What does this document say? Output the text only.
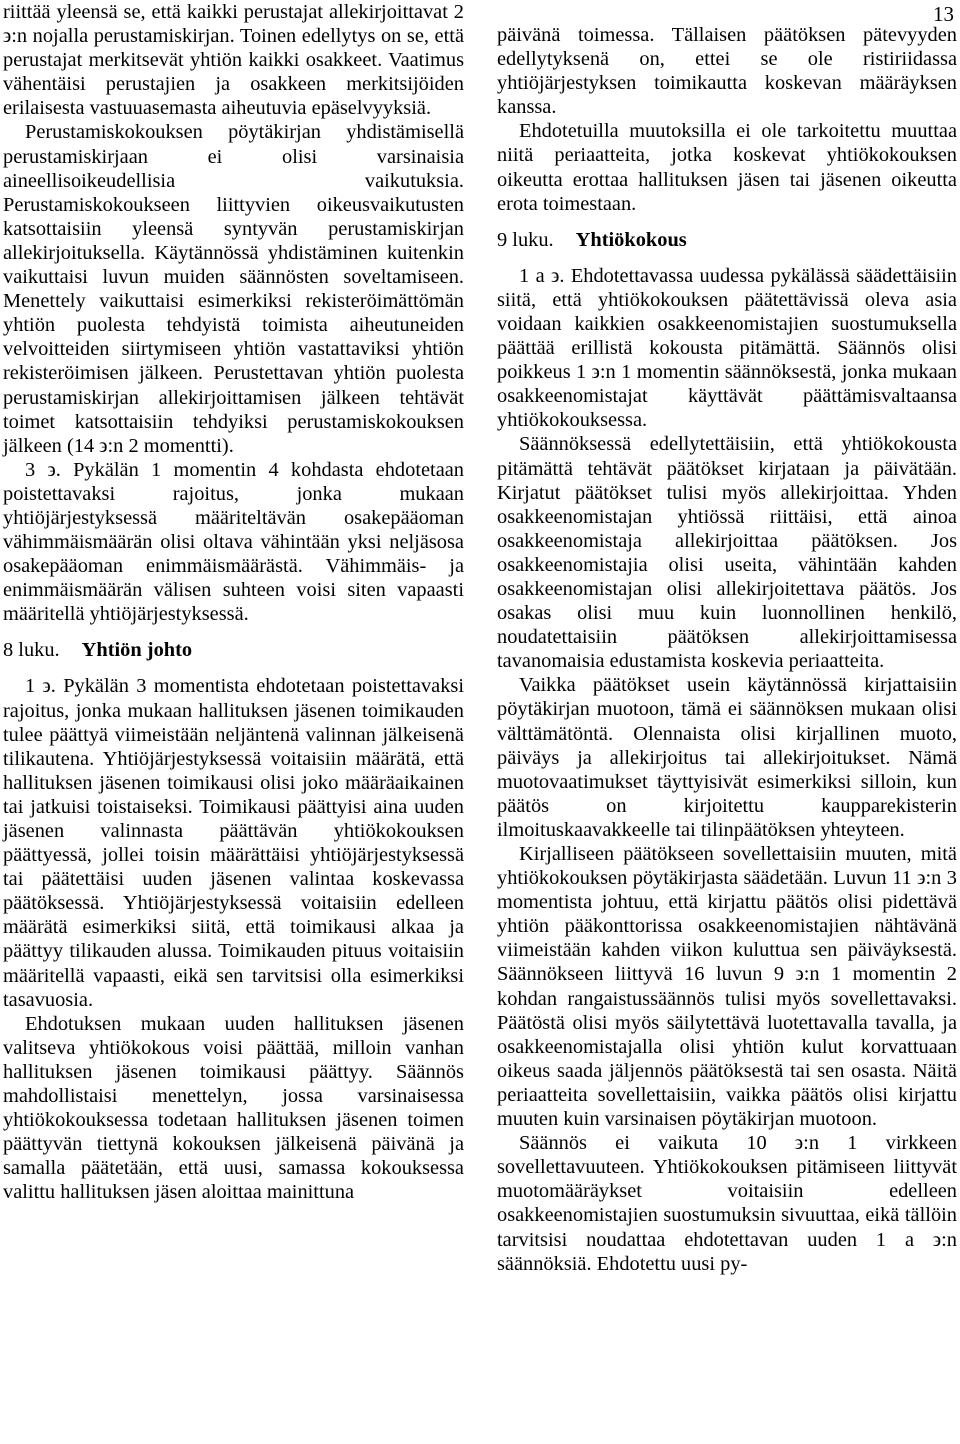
13

riittää yleensä se, että kaikki perustajat allekirjoittavat 2 ϶:n nojalla perustamiskirjan. Toinen edellytys on se, että perustajat merkitsevät yhtiön kaikki osakkeet. Vaatimus vähentäisi perustajien ja osakkeen merkitsijöiden erilaisesta vastuuasemasta aiheutuvia epäselvyyksiä.

Perustamiskokouksen pöytäkirjan yhdistämisellä perustamiskirjaan ei olisi varsinaisia aineellisoikeudellisia vaikutuksia. Perustamiskokoukseen liittyvien oikeusvaikutusten katsottaisiin yleensä syntyvän perustamiskirjan allekirjoituksella. Käytännössä yhdistäminen kuitenkin vaikuttaisi luvun muiden säännösten soveltamiseen. Menettely vaikuttaisi esimerkiksi rekisteröimättömän yhtiön puolesta tehdyistä toimista aiheutuneiden velvoitteiden siirtymiseen yhtiön vastattaviksi yhtiön rekisteröimisen jälkeen. Perustettavan yhtiön puolesta perustamiskirjan allekirjoittamisen jälkeen tehtävät toimet katsottaisiin tehdyiksi perustamiskokouksen jälkeen (14 ϶:n 2 momentti).

3 ϶. Pykälän 1 momentin 4 kohdasta ehdotetaan poistettavaksi rajoitus, jonka mukaan yhtiöjärjestyksessä määriteltävän osakepääoman vähimmäismäärän olisi oltava vähintään yksi neljäsosa osakepääoman enimmäismäärästä. Vähimmäis- ja enimmäismäärän välisen suhteen voisi siten vapaasti määritellä yhtiöjärjestyksessä.

8 luku. Yhtiön johto

1 ϶. Pykälän 3 momentista ehdotetaan poistettavaksi rajoitus, jonka mukaan hallituksen jäsenen toimikauden tulee päättyä viimeistään neljäntenä valinnan jälkeisenä tilikautena. Yhtiöjärjestyksessä voitaisiin määrätä, että hallituksen jäsenen toimikausi olisi joko määräaikainen tai jatkuisi toistaiseksi. Toimikausi päättyisi aina uuden jäsenen valinnasta päättävän yhtiökokouksen päättyessä, jollei toisin määrättäisi yhtiöjärjestyksessä tai päätettäisi uuden jäsenen valintaa koskevassa päätöksessä. Yhtiöjärjestyksessä voitaisiin edelleen määrätä esimerkiksi siitä, että toimikausi alkaa ja päättyy tilikauden alussa. Toimikauden pituus voitaisiin määritellä vapaasti, eikä sen tarvitsisi olla esimerkiksi tasavuosia.

Ehdotuksen mukaan uuden hallituksen jäsenen valitseva yhtiökokous voisi päättää, milloin vanhan hallituksen jäsenen toimikausi päättyy. Säännös mahdollistaisi menettelyn, jossa varsinaisessa yhtiökokouksessa todetaan hallituksen jäsenen toimen päättyvän tiettynä kokouksen jälkeisenä päivänä ja samalla päätetään, että uusi, samassa kokouksessa valittu hallituksen jäsen aloittaa mainittuna

päivänä toimessa. Tällaisen päätöksen pätevyyden edellytyksenä on, ettei se ole ristiriidassa yhtiöjärjestyksen toimikautta koskevan määräyksen kanssa.

Ehdotetuilla muutoksilla ei ole tarkoitettu muuttaa niitä periaatteita, jotka koskevat yhtiökokouksen oikeutta erottaa hallituksen jäsen tai jäsenen oikeutta erota toimestaan.

9 luku. Yhtiökokous

1 a ϶. Ehdotettavassa uudessa pykälässä säädettäisiin siitä, että yhtiökokouksen päätettävissä oleva asia voidaan kaikkien osakkeenomistajien suostumuksella päättää erillistä kokousta pitämättä. Säännös olisi poikkeus 1 ϶:n 1 momentin säännöksestä, jonka mukaan osakkeenomistajat käyttävät päättämisvaltaansa yhtiökokouksessa.

Säännöksessä edellytettäisiin, että yhtiökokousta pitämättä tehtävät päätökset kirjataan ja päivätään. Kirjatut päätökset tulisi myös allekirjoittaa. Yhden osakkeenomistajan yhtiössä riittäisi, että ainoa osakkeenomistaja allekirjoittaa päätöksen. Jos osakkeenomistajia olisi useita, vähintään kahden osakkeenomistajan olisi allekirjoitettava päätös. Jos osakas olisi muu kuin luonnollinen henkilö, noudatettaisiin päätöksen allekirjoittamisessa tavanomaisia edustamista koskevia periaatteita.

Vaikka päätökset usein käytännössä kirjattaisiin pöytäkirjan muotoon, tämä ei säännöksen mukaan olisi välttämätöntä. Olennaista olisi kirjallinen muoto, päiväys ja allekirjoitus tai allekirjoitukset. Nämä muotovaatimukset täyttyisivät esimerkiksi silloin, kun päätös on kirjoitettu kaupparekisterin ilmoituskaavakkeelle tai tilinpäätöksen yhteyteen.

Kirjalliseen päätökseen sovellettaisiin muuten, mitä yhtiökokouksen pöytäkirjasta säädetään. Luvun 11 ϶:n 3 momentista johtuu, että kirjattu päätös olisi pidettävä yhtiön pääkonttorissa osakkeenomistajien nähtävänä viimeistään kahden viikon kuluttua sen päiväyksestä. Säännökseen liittyvä 16 luvun 9 ϶:n 1 momentin 2 kohdan rangaistussäännös tulisi myös sovellettavaksi. Päätöstä olisi myös säilytettävä luotettavalla tavalla, ja osakkeenomistajalla olisi yhtiön kulut korvattuaan oikeus saada jäljennös päätöksestä tai sen osasta. Näitä periaatteita sovellettaisiin, vaikka päätös olisi kirjattu muuten kuin varsinaisen pöytäkirjan muotoon.

Säännös ei vaikuta 10 ϶:n 1 virkkeen sovellettavuuteen. Yhtiökokouksen pitämiseen liittyvät muotomääräykset voitaisiin edelleen osakkeenomistajien suostumuksin sivuuttaa, eikä tällöin tarvitsisi noudattaa ehdotettavan uuden 1 a ϶:n säännöksiä. Ehdotettu uusi py-
